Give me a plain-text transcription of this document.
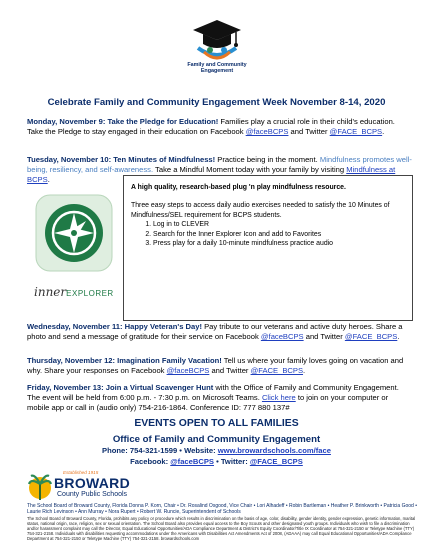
Family and Community
Engagement
Celebrate Family and Community Engagement Week November 8-14, 2020
Monday, November 9: Take the Pledge for Education! Families play a crucial role in their child's education. Take the Pledge to stay engaged in their education on Facebook @faceBCPS and Twitter @FACE_BCPS.
Tuesday, November 10: Ten Minutes of Mindfulness! Practice being in the moment. Mindfulness promotes well-being, resiliency, and self-awareness. Take a Mindful Moment today with your family by visiting Mindfulness at BCPS.
innerEXPLORER
A high quality, research-based plug 'n play mindfulness resource.
Three easy steps to access daily audio exercises needed to satisfy the 10 Minutes of Mindfulness/SEL requirement for BCPS students.
1. Log in to CLEVER
2. Search for the Inner Explorer Icon and add to Favorites
3. Press play for a daily 10-minute mindfulness practice audio
Wednesday, November 11: Happy Veteran's Day! Pay tribute to our veterans and active duty heroes. Share a photo and send a message of gratitude for their service on Facebook @faceBCPS and Twitter @FACE_BCPS.
Thursday, November 12: Imagination Family Vacation! Tell us where your family loves going on vacation and why. Share your responses on Facebook @faceBCPS and Twitter @FACE_BCPS.
Friday, November 13: Join a Virtual Scavenger Hunt with the Office of Family and Community Engagement. The event will be held from 6:00 p.m. - 7:30 p.m. on Microsoft Teams. Click here to join on your computer or mobile app or call in (audio only) 754-216-1864. Conference ID: 777 880 137#
EVENTS OPEN TO ALL FAMILIES
Office of Family and Community Engagement
Phone: 754-321-1599 • Website: www.browardschools.com/face
Facebook: @faceBCPS • Twitter: @FACE_BCPS
Established 1915
BROWARD
County Public Schools
The School Board of Broward County, Florida Donna P. Korn, Chair • Dr. Rosalind Osgood, Vice Chair • Lori Alhadeff • Robin Bartleman • Heather P. Brinkworth • Patricia Good • Laurie Rich Levinson • Ann Murray • Nora Rupert • Robert W. Runcie, Superintendent of Schools
The School Board of Broward County, Florida, prohibits any policy or procedure which results in discrimination on the basis of age, color, disability, gender identity, gender expression, genetic information, marital status, national origin, race, religion, sex or sexual orientation. The School Board also provides equal access to the Boy Scouts and other designated youth groups. Individuals who wish to file a discrimination and/or harassment complaint may call the Director, Equal Educational Opportunities/ADA Compliance Department & District's Equity Coordinator/Title IX Coordinator at 754-321-2150 or Teletype Machine (TTY) 754-321-2158. Individuals with disabilities requesting accommodations under the Americans with Disabilities Act Amendments Act of 2008, (ADAAA) may call Equal Educational Opportunities/ADA Compliance Department at 754-321-2150 or Teletype Machine (TTY) 754-321-2158. browardschools.com
